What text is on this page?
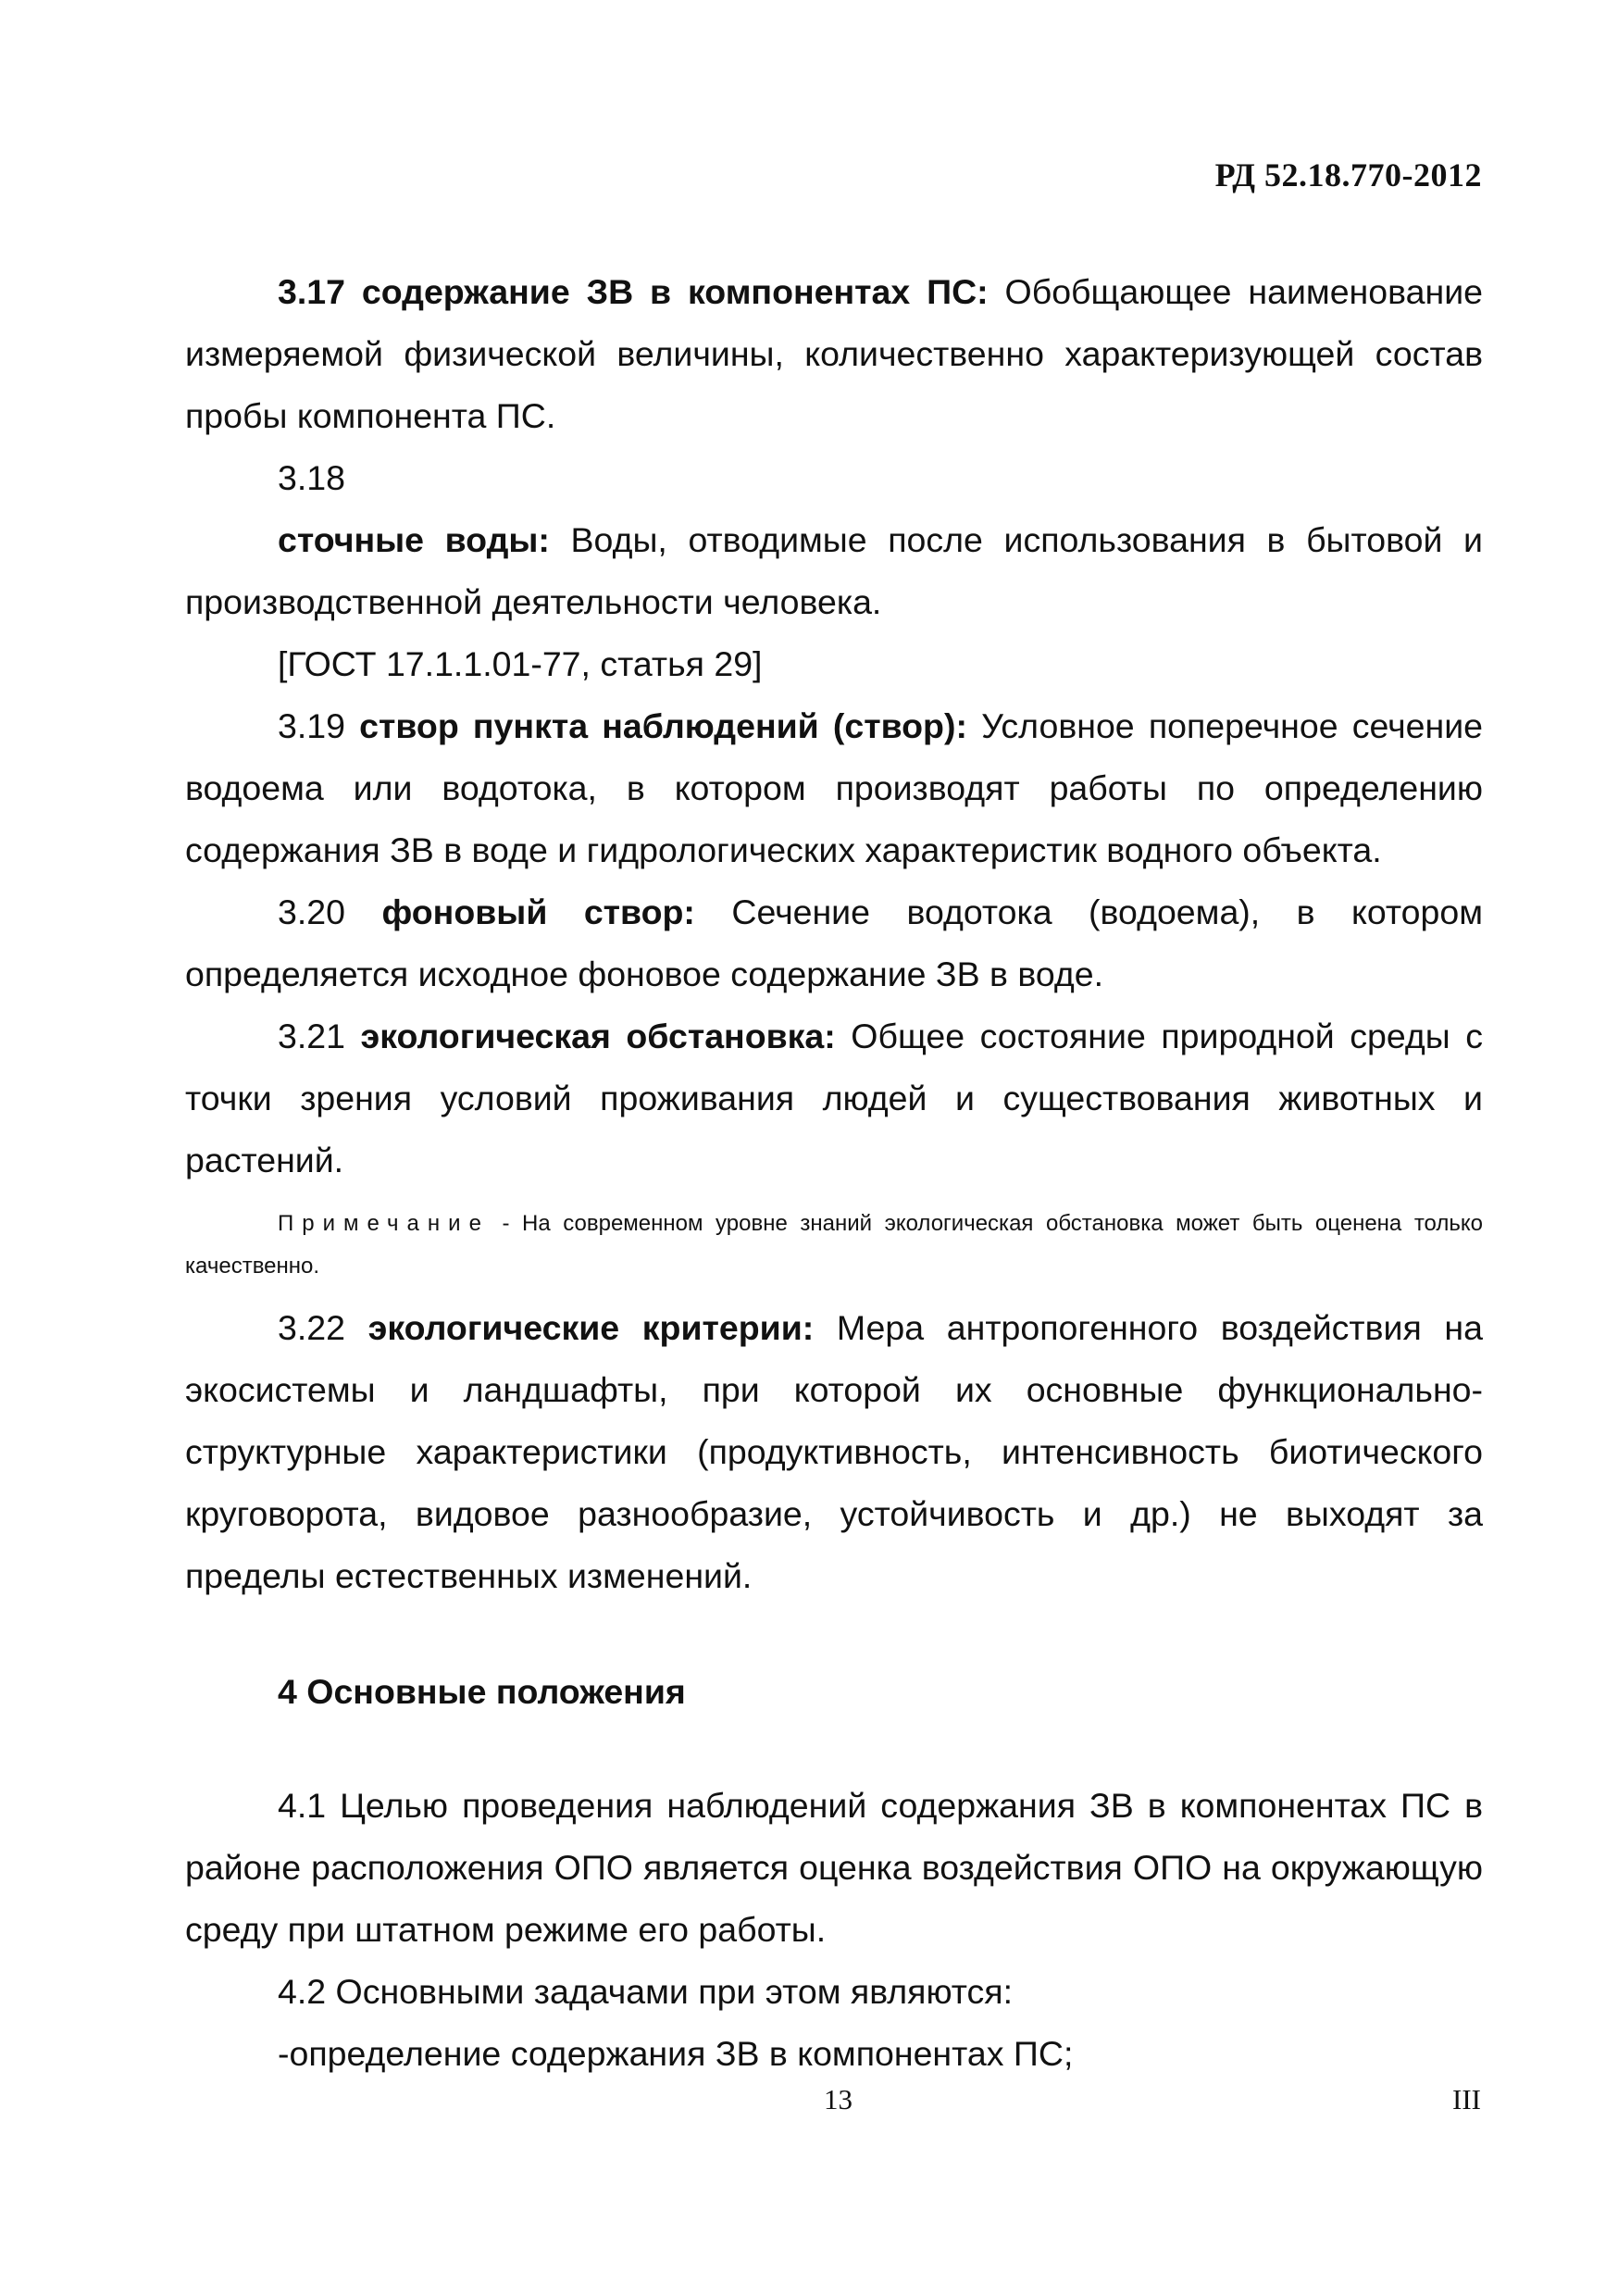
РД 52.18.770-2012

3.17 содержание ЗВ в компонентах ПС: Обобщающее наименование измеряемой физической величины, количественно характеризующей состав пробы компонента ПС.

3.18

сточные воды: Воды, отводимые после использования в бытовой и производственной деятельности человека.

[ГОСТ 17.1.1.01-77, статья 29]

3.19 створ пункта наблюдений (створ): Условное поперечное сечение водоема или водотока, в котором производят работы по определению содержания ЗВ в воде и гидрологических характеристик водного объекта.

3.20 фоновый створ: Сечение водотока (водоема), в котором определяется исходное фоновое содержание ЗВ в воде.

3.21 экологическая обстановка: Общее состояние природной среды с точки зрения условий проживания людей и существования животных и растений.

Примечание - На современном уровне знаний экологическая обстановка может быть оценена только качественно.

3.22 экологические критерии: Мера антропогенного воздействия на экосистемы и ландшафты, при которой их основные функционально-структурные характеристики (продуктивность, интенсивность биотического круговорота, видовое разнообразие, устойчивость и др.) не выходят за пределы естественных изменений.

4 Основные положения

4.1 Целью проведения наблюдений содержания ЗВ в компонентах ПС в районе расположения ОПО является оценка воздействия ОПО на окружающую среду при штатном режиме его работы.

4.2 Основными задачами при этом являются:

-определение содержания ЗВ в компонентах ПС;

13	III
